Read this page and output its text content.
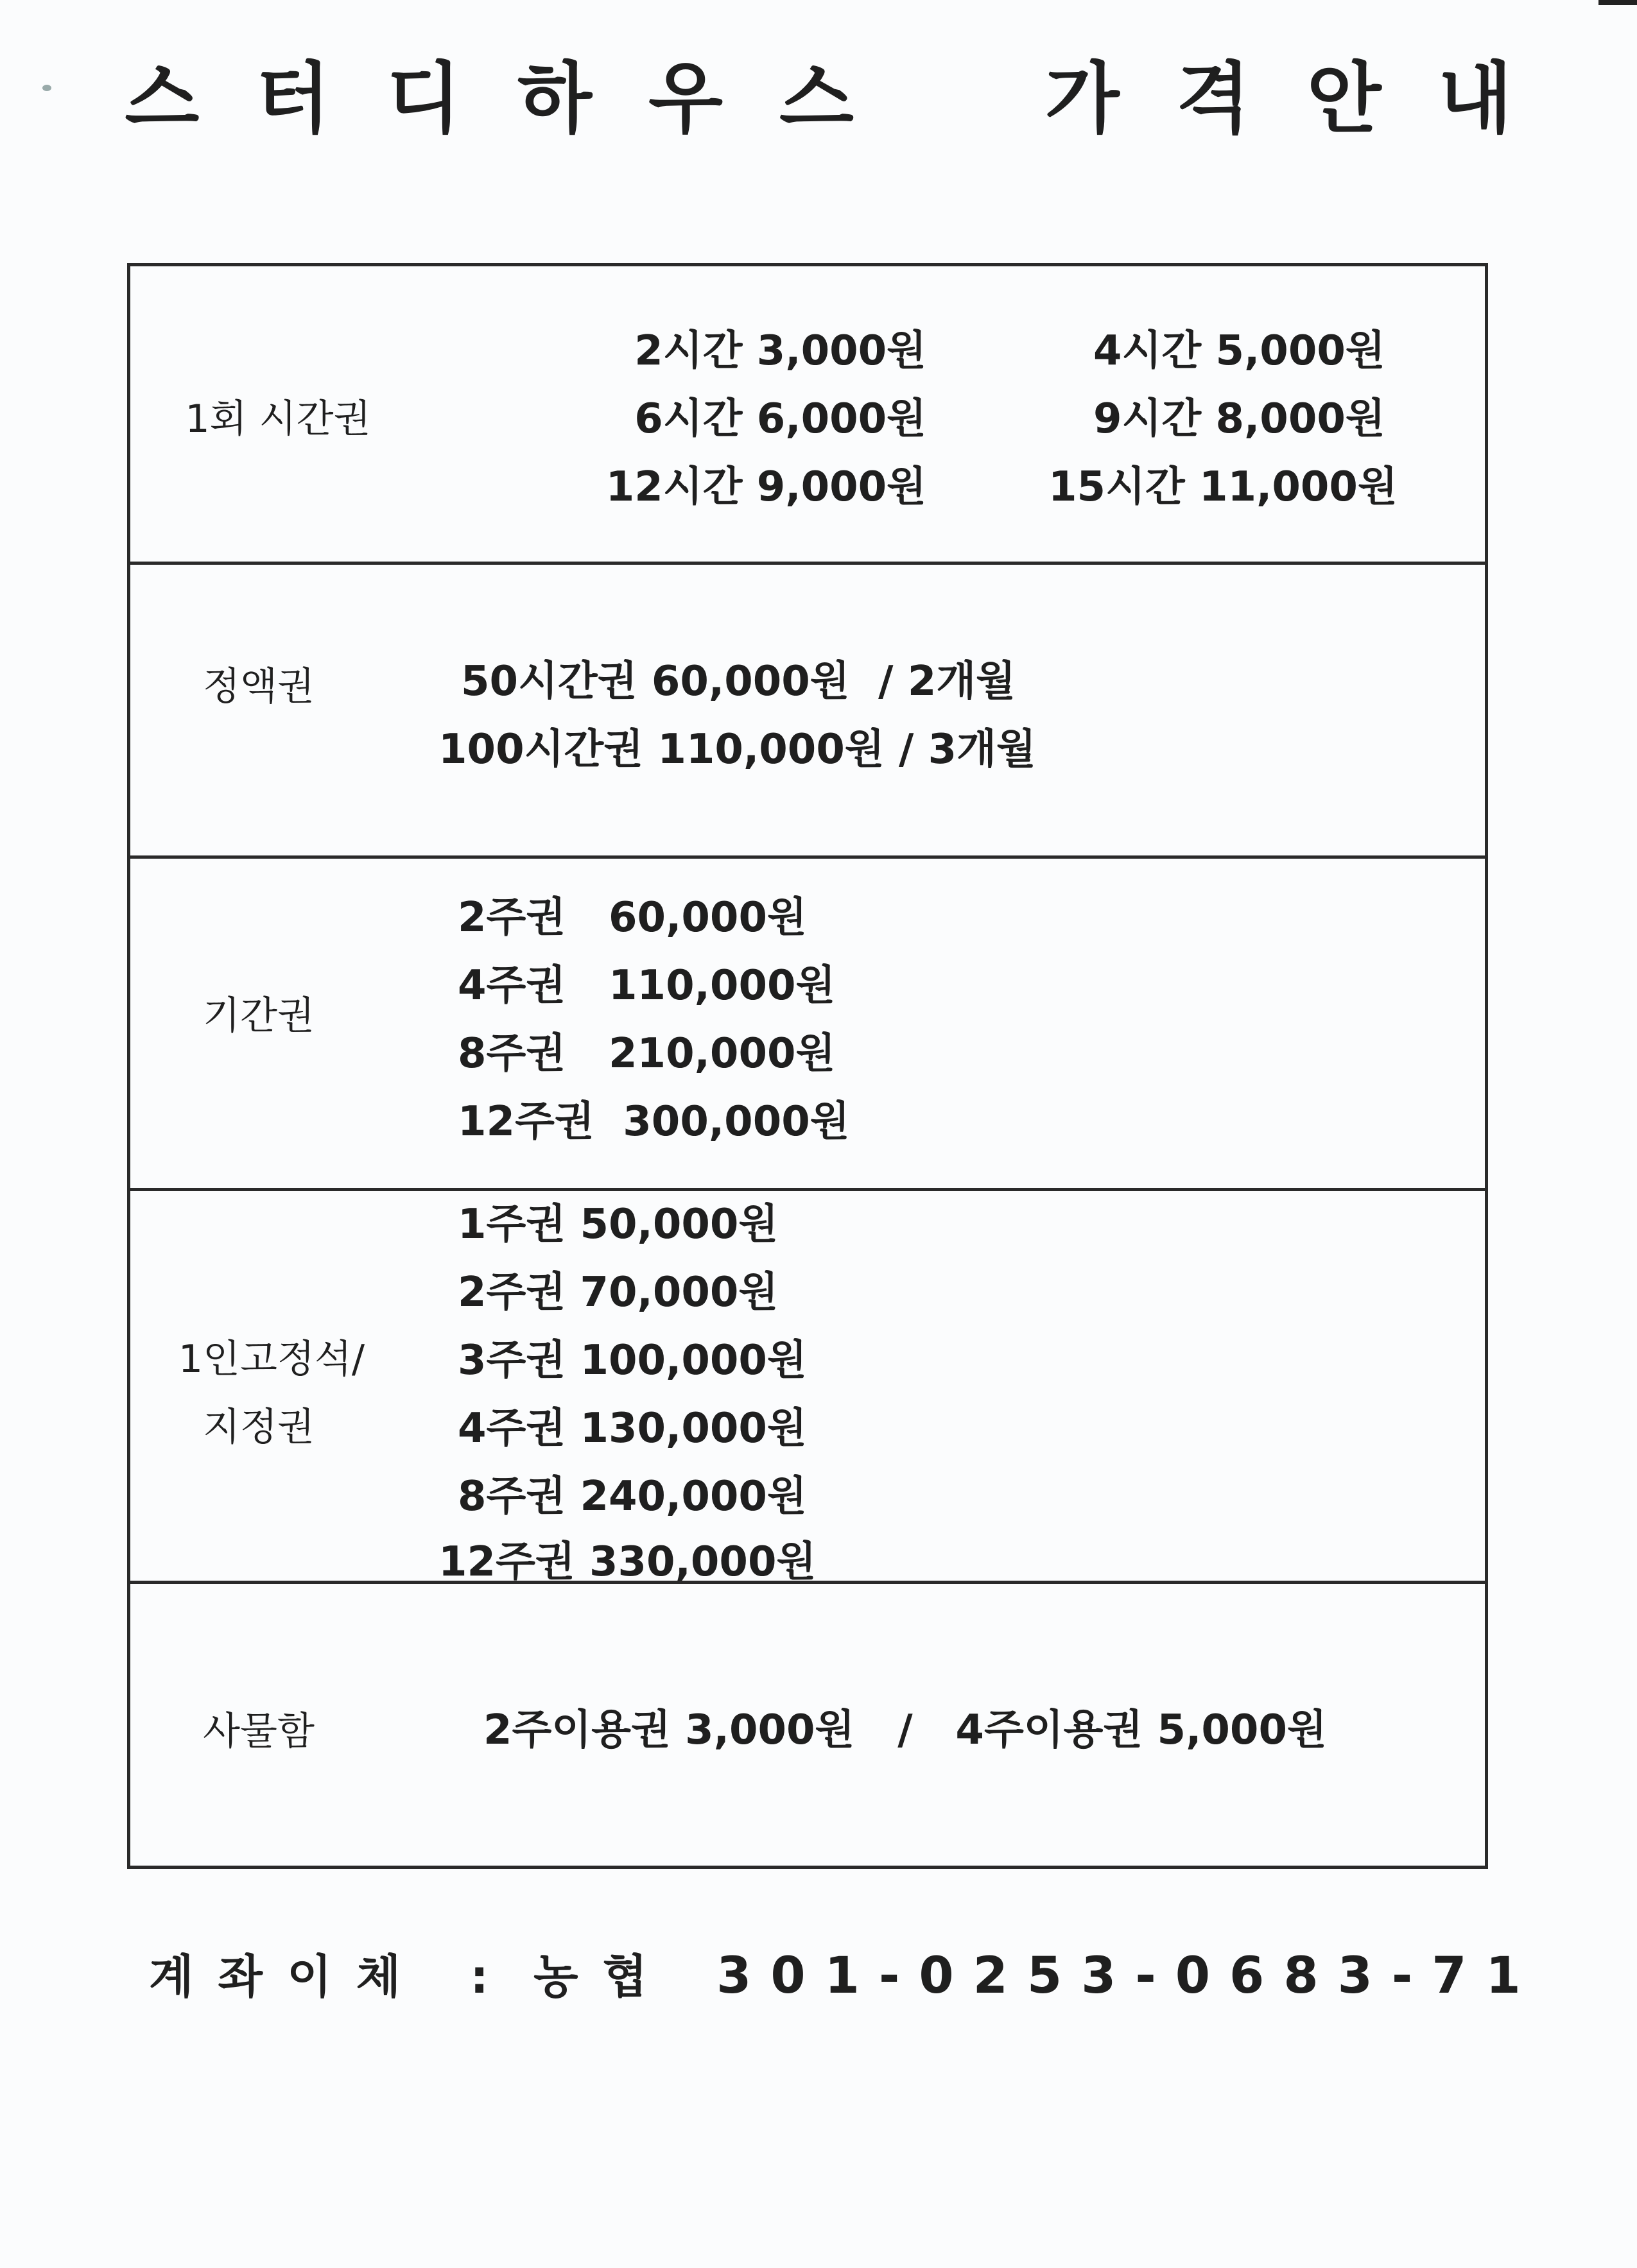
스 터 디 하 우 스 가 격 안 내
1회 시간권
2시간 3,000원
6시간 6,000원
12시간 9,000원
4시간 5,000원
9시간 8,000원
15시간 11,000원
정액권	50시간권 60,000원  / 2개월
100시간권 110,000원 / 3개월
기간권
2주권   60,000원
4주권   110,000원
8주권   210,000원
12주권  300,000원
1인고정석/
지정권
1주권 50,000원
2주권 70,000원
3주권 100,000원
4주권 130,000원
8주권 240,000원
12주권 330,000원
사물함	2주이용권 3,000원   /   4주이용권 5,000원
계좌이체 : 농협 301-0253-0683-71
